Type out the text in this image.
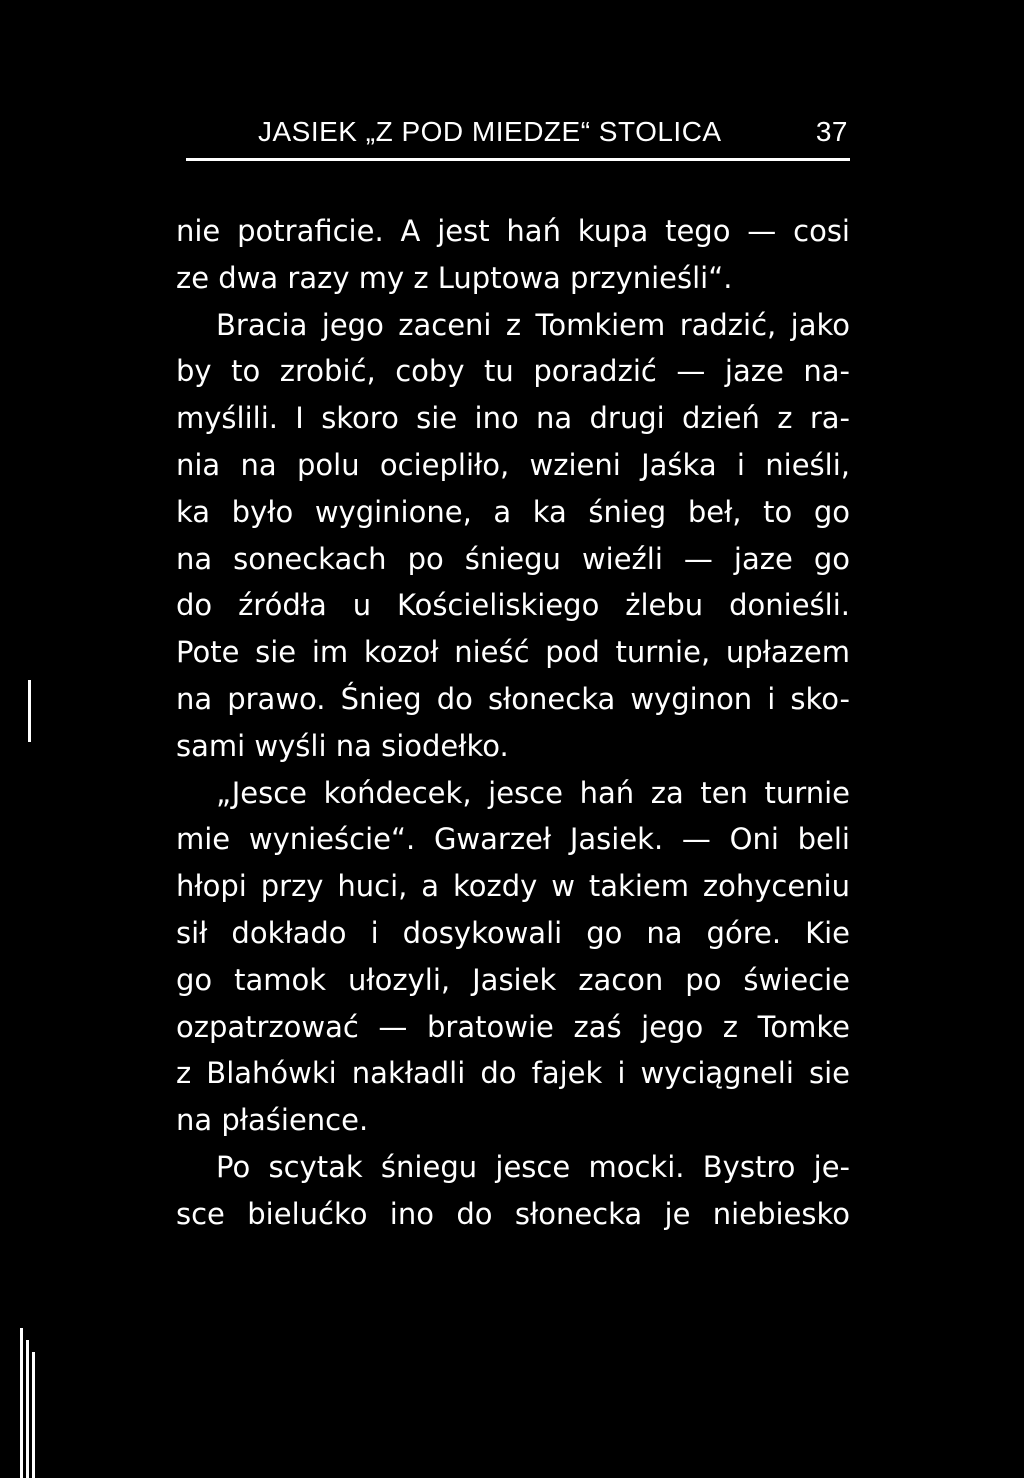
JASIEK „Z POD MIEDZE“ STOLICA	37
nie potraficie. A jest hań kupa tego — cosi
ze dwa razy my z Luptowa przynieśli“.
Bracia jego zaceni z Tomkiem radzić, jako
by to zrobić, coby tu poradzić — jaze na-
myślili. I skoro sie ino na drugi dzień z ra-
nia na polu ociepliło, wzieni Jaśka i nieśli,
ka było wyginione, a ka śnieg beł, to go
na soneckach po śniegu wieźli — jaze go
do źródła u Kościeliskiego żlebu donieśli.
Pote sie im kozoł nieść pod turnie, upłazem
na prawo. Śnieg do słonecka wyginon i sko-
sami wyśli na siodełko.
„Jesce końdecek, jesce hań za ten turnie
mie wynieście“. Gwarzeł Jasiek. — Oni beli
hłopi przy huci, a kozdy w takiem zohyceniu
sił dokłado i dosykowali go na góre. Kie
go tamok ułozyli, Jasiek zacon po świecie
ozpatrzować — bratowie zaś jego z Tomke
z Blahówki nakładli do fajek i wyciągneli sie
na płaśience.
Po scytak śniegu jesce mocki. Bystro je-
sce bielućko ino do słonecka je niebiesko
